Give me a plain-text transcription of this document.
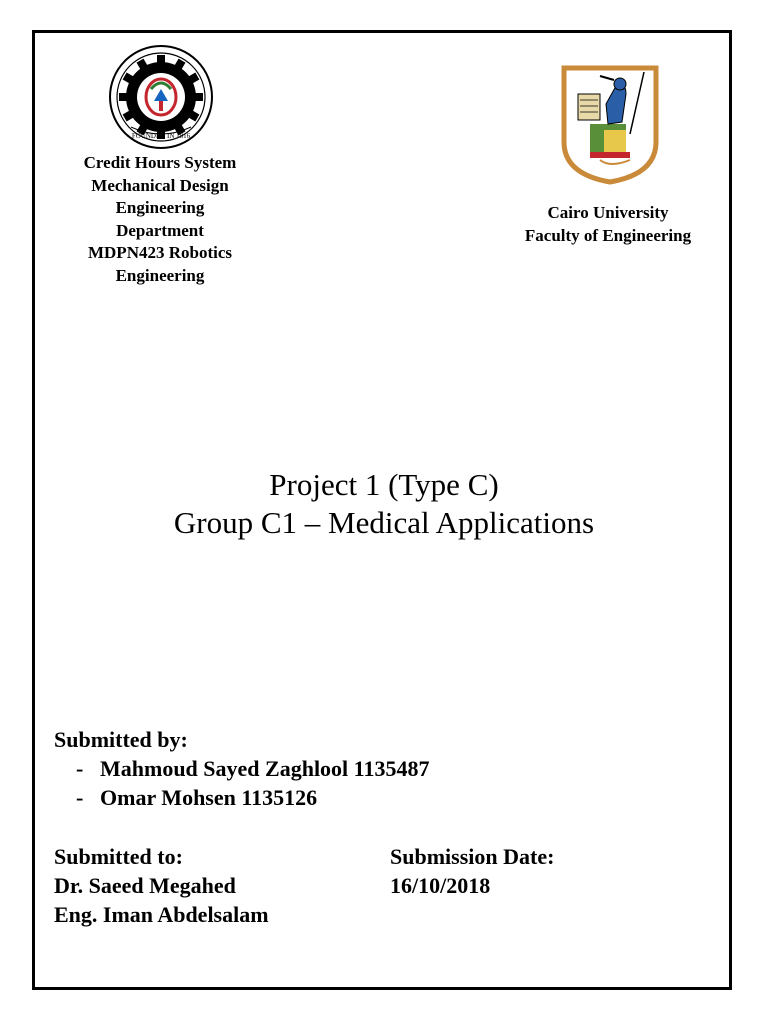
FOUNDED IN 1816
Credit Hours System
Mechanical Design
Engineering
Department
MDPN423 Robotics
Engineering
Cairo University
Faculty of Engineering
Project 1 (Type C)
Group C1 – Medical Applications
Submitted by:
- Mahmoud Sayed Zaghlool 1135487
- Omar Mohsen 1135126
Submitted to:
Dr. Saeed Megahed
Eng. Iman Abdelsalam
Submission Date:
16/10/2018
